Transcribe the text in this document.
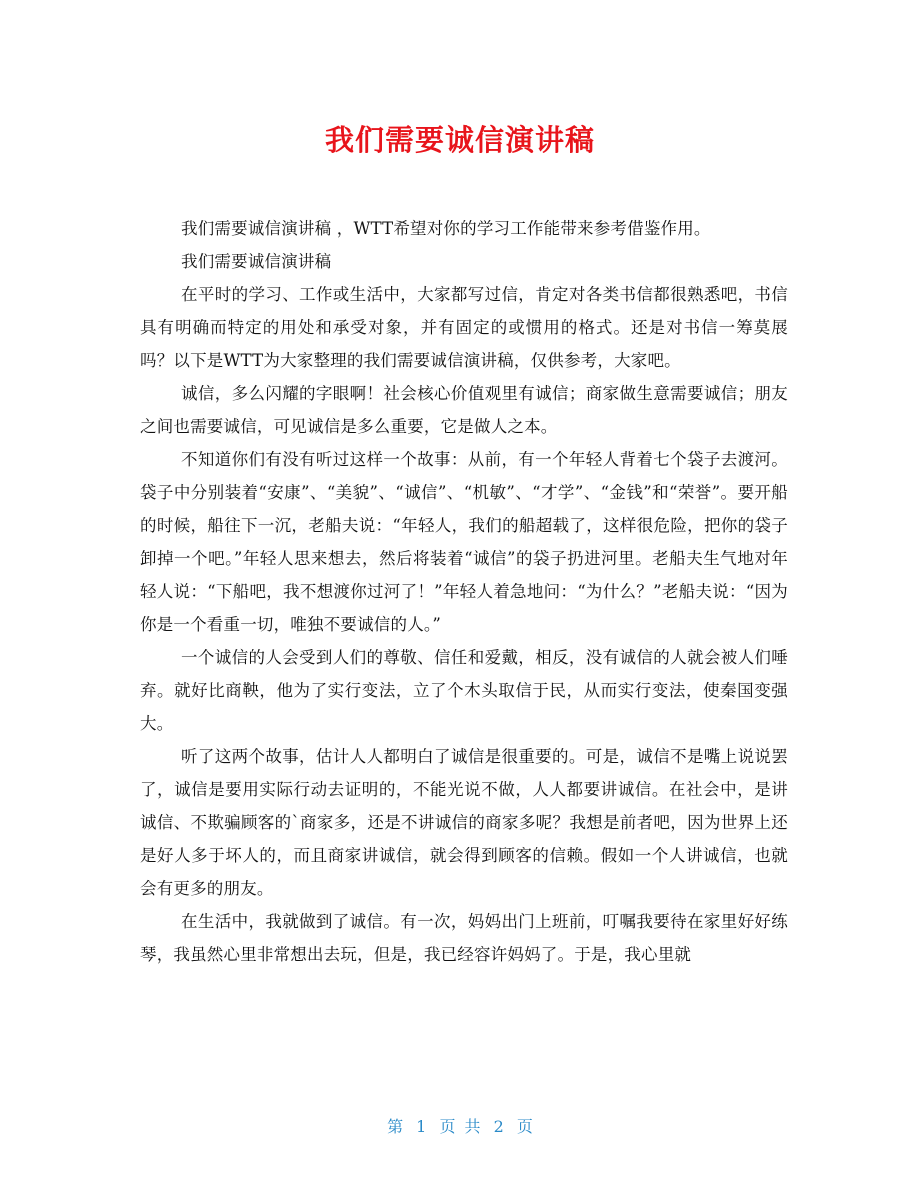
我们需要诚信演讲稿

我们需要诚信演讲稿 ，WTT希望对你的学习工作能带来参考借鉴作用。

我们需要诚信演讲稿

在平时的学习、工作或生活中，大家都写过信，肯定对各类书信都很熟悉吧，书信具有明确而特定的用处和承受对象，并有固定的或惯用的格式。还是对书信一筹莫展吗？以下是WTT为大家整理的我们需要诚信演讲稿，仅供参考，大家吧。

诚信，多么闪耀的字眼啊！社会核心价值观里有诚信；商家做生意需要诚信；朋友之间也需要诚信，可见诚信是多么重要，它是做人之本。

不知道你们有没有听过这样一个故事：从前，有一个年轻人背着七个袋子去渡河。袋子中分别装着“安康”、“美貌”、“诚信”、“机敏”、“才学”、“金钱”和“荣誉”。要开船的时候，船往下一沉，老船夫说：“年轻人，我们的船超载了，这样很危险，把你的袋子卸掉一个吧。”年轻人思来想去，然后将装着“诚信”的袋子扔进河里。老船夫生气地对年轻人说：“下船吧，我不想渡你过河了！”年轻人着急地问：“为什么？”老船夫说：“因为你是一个看重一切，唯独不要诚信的人。”

一个诚信的人会受到人们的尊敬、信任和爱戴，相反，没有诚信的人就会被人们唾弃。就好比商鞅，他为了实行变法，立了个木头取信于民，从而实行变法，使秦国变强大。

听了这两个故事，估计人人都明白了诚信是很重要的。可是，诚信不是嘴上说说罢了，诚信是要用实际行动去证明的，不能光说不做，人人都要讲诚信。在社会中，是讲诚信、不欺骗顾客的`商家多，还是不讲诚信的商家多呢？我想是前者吧，因为世界上还是好人多于坏人的，而且商家讲诚信，就会得到顾客的信赖。假如一个人讲诚信，也就会有更多的朋友。

在生活中，我就做到了诚信。有一次，妈妈出门上班前，叮嘱我要待在家里好好练琴，我虽然心里非常想出去玩，但是，我已经容许妈妈了。于是，我心里就

第 1 页 共 2 页
